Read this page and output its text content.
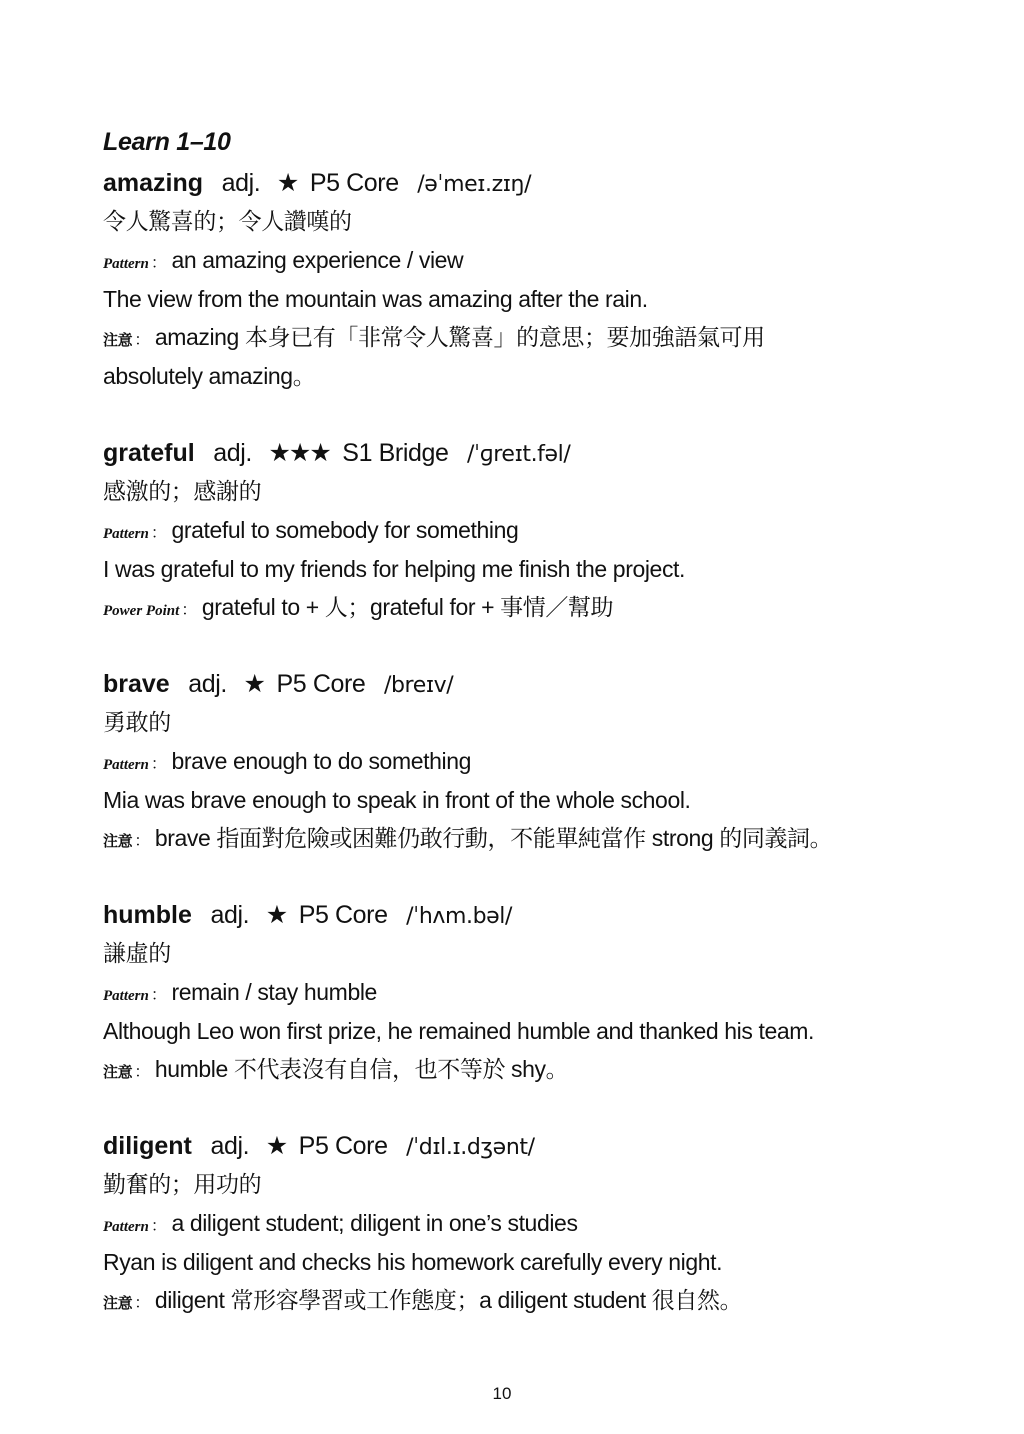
Learn 1–10
amazing adj. ★ P5 Core /əˈmeɪ.zɪŋ/
令人驚喜的；令人讚嘆的
Pattern ： an amazing experience / view
The view from the mountain was amazing after the rain.
注意 ： amazing 本身已有「非常令人驚喜」的意思；要加強語氣可用
absolutely amazing。
grateful adj. ★★★ S1 Bridge /ˈɡreɪt.fəl/
感激的；感謝的
Pattern ： grateful to somebody for something
I was grateful to my friends for helping me finish the project.
Power Point ： grateful to + 人；grateful for + 事情／幫助
brave adj. ★ P5 Core /breɪv/
勇敢的
Pattern ： brave enough to do something
Mia was brave enough to speak in front of the whole school.
注意 ： brave 指面對危險或困難仍敢行動，不能單純當作 strong 的同義詞。
humble adj. ★ P5 Core /ˈhʌm.bəl/
謙虛的
Pattern ： remain / stay humble
Although Leo won first prize, he remained humble and thanked his team.
注意 ： humble 不代表沒有自信，也不等於 shy。
diligent adj. ★ P5 Core /ˈdɪl.ɪ.dʒənt/
勤奮的；用功的
Pattern ： a diligent student; diligent in one’s studies
Ryan is diligent and checks his homework carefully every night.
注意 ： diligent 常形容學習或工作態度；a diligent student 很自然。
10
